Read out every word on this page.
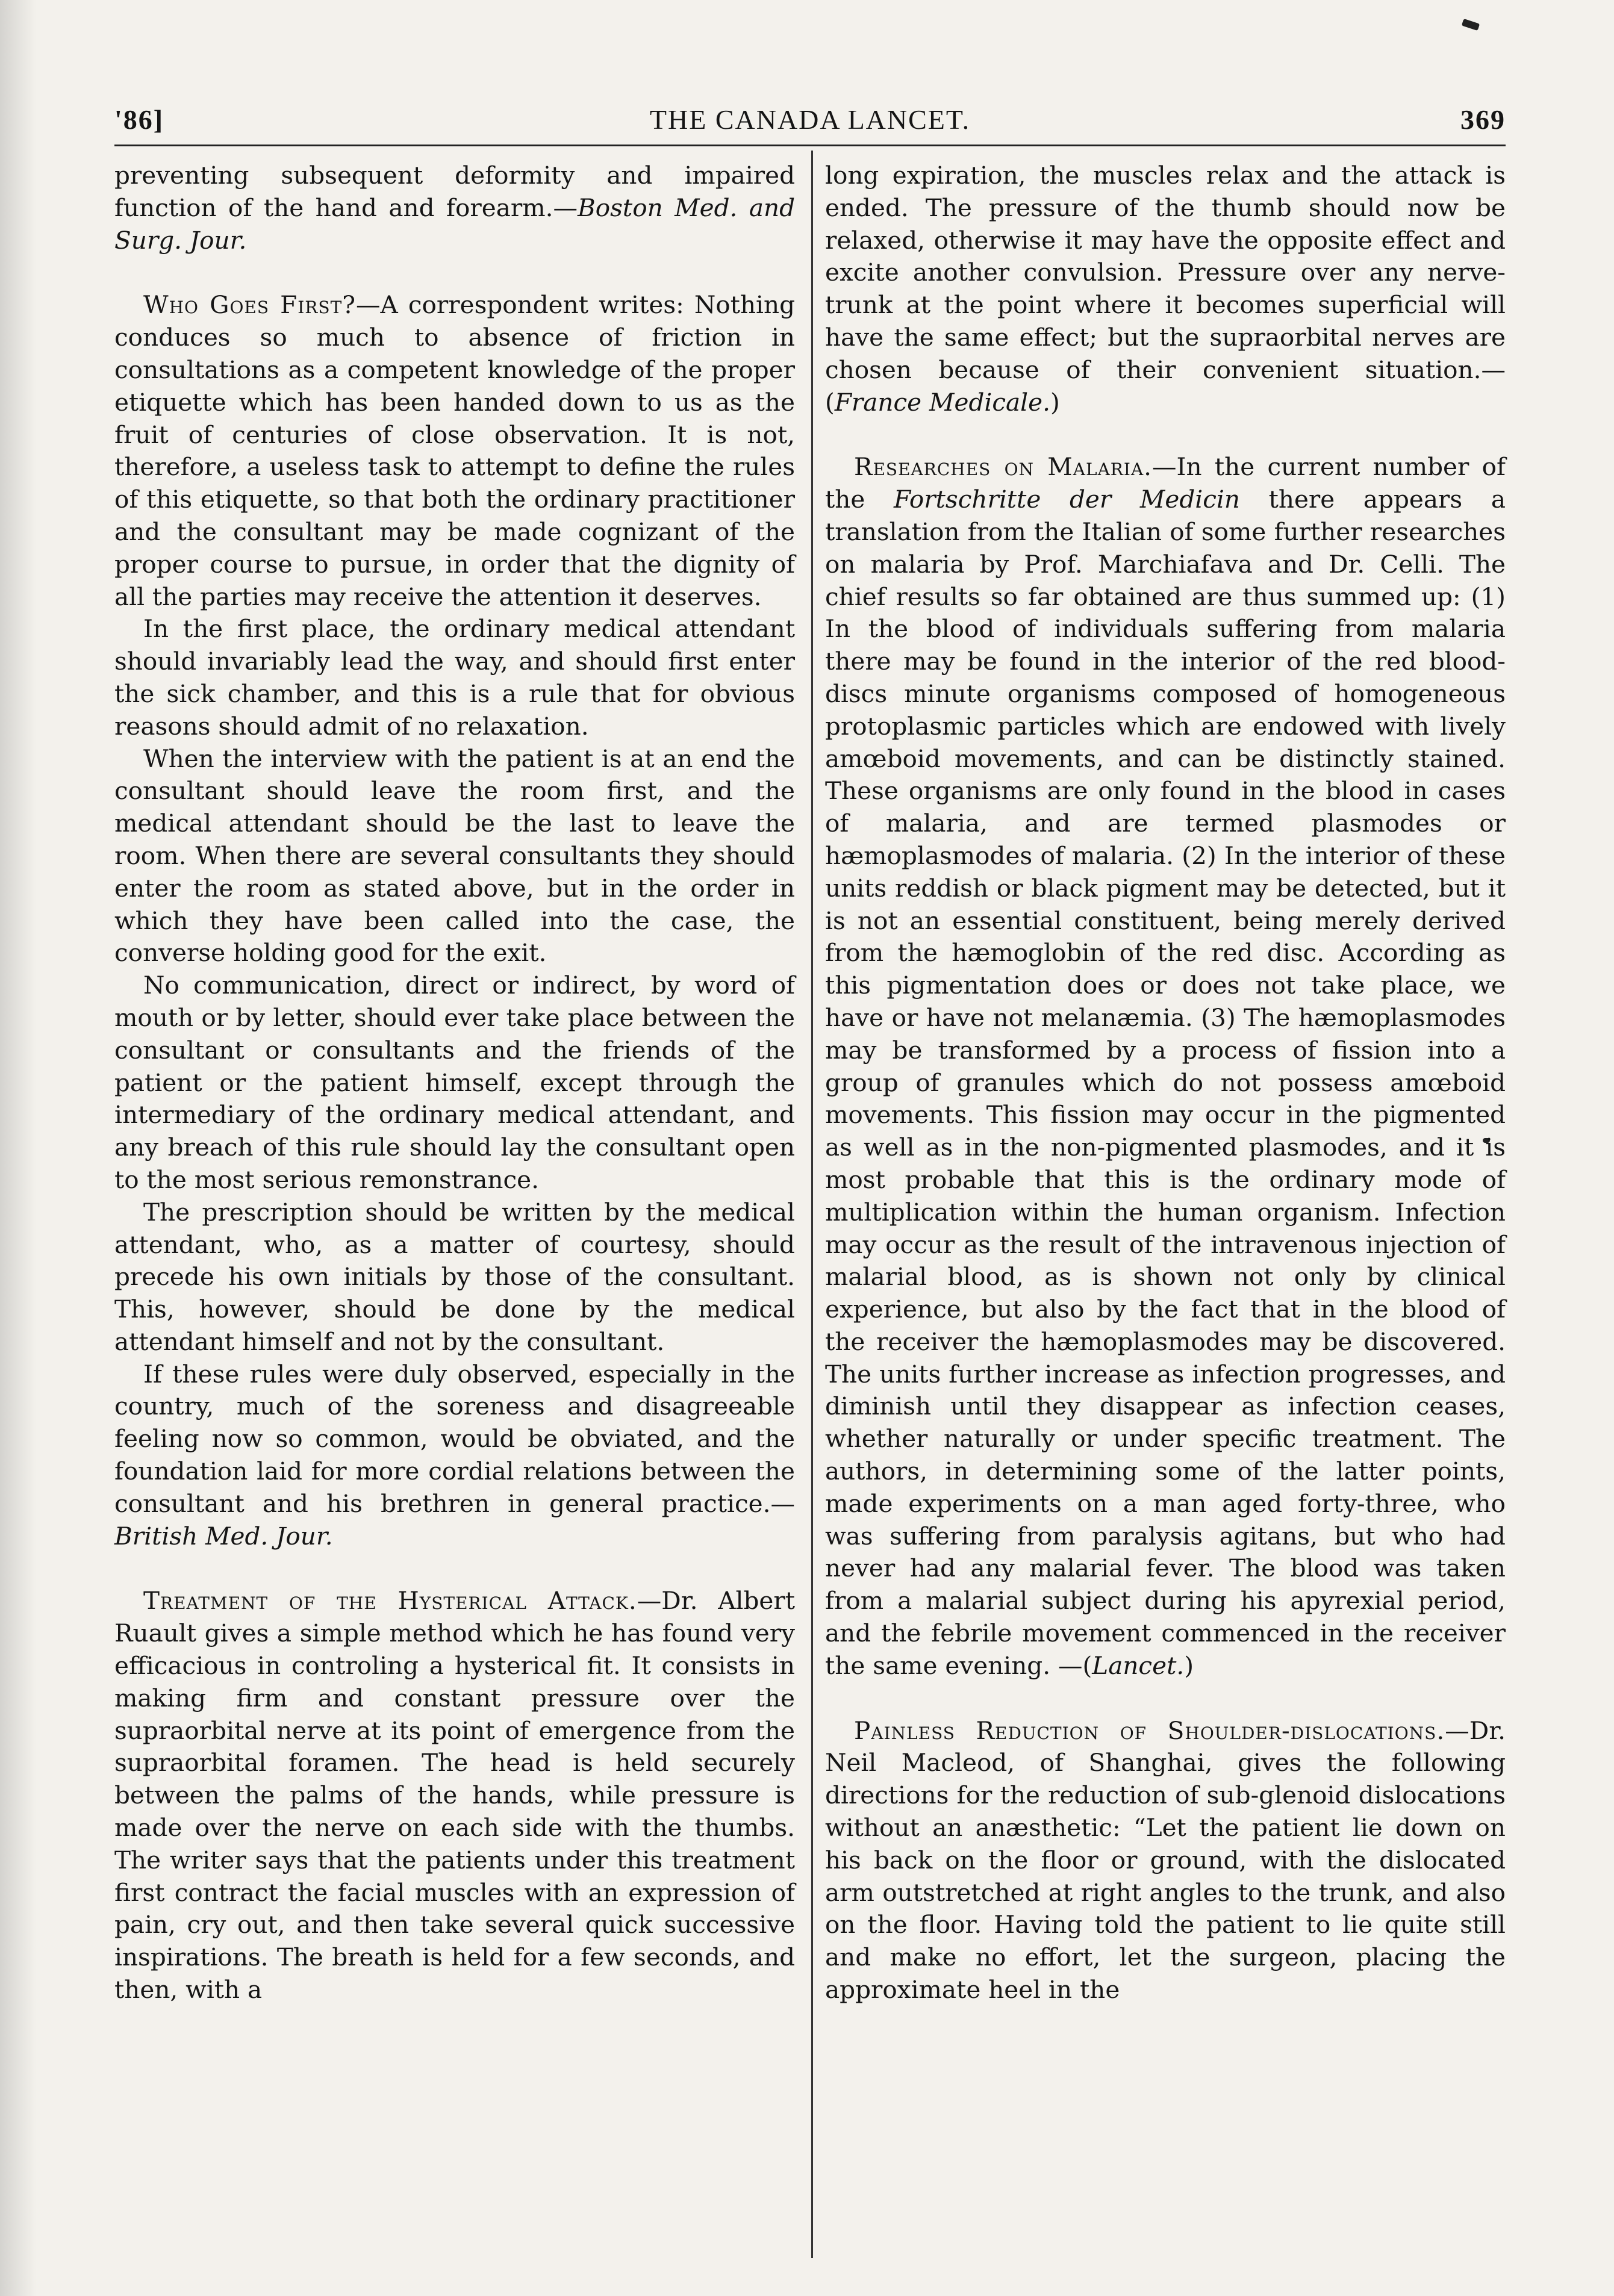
'86]	THE CANADA LANCET.	369

preventing subsequent deformity and impaired function of the hand and forearm.—Boston Med. and Surg. Jour.

Who Goes First?—A correspondent writes: Nothing conduces so much to absence of friction in consultations as a competent knowledge of the proper etiquette which has been handed down to us as the fruit of centuries of close observation. It is not, therefore, a useless task to attempt to define the rules of this etiquette, so that both the ordinary practitioner and the consultant may be made cognizant of the proper course to pursue, in order that the dignity of all the parties may receive the attention it deserves.

In the first place, the ordinary medical attendant should invariably lead the way, and should first enter the sick chamber, and this is a rule that for obvious reasons should admit of no relaxation.

When the interview with the patient is at an end the consultant should leave the room first, and the medical attendant should be the last to leave the room. When there are several consultants they should enter the room as stated above, but in the order in which they have been called into the case, the converse holding good for the exit.

No communication, direct or indirect, by word of mouth or by letter, should ever take place between the consultant or consultants and the friends of the patient or the patient himself, except through the intermediary of the ordinary medical attendant, and any breach of this rule should lay the consultant open to the most serious remonstrance.

The prescription should be written by the medical attendant, who, as a matter of courtesy, should precede his own initials by those of the consultant. This, however, should be done by the medical attendant himself and not by the consultant.

If these rules were duly observed, especially in the country, much of the soreness and disagreeable feeling now so common, would be obviated, and the foundation laid for more cordial relations between the consultant and his brethren in general practice.—British Med. Jour.

Treatment of the Hysterical Attack.—Dr. Albert Ruault gives a simple method which he has found very efficacious in controling a hysterical fit. It consists in making firm and constant pressure over the supraorbital nerve at its point of emergence from the supraorbital foramen. The head is held securely between the palms of the hands, while pressure is made over the nerve on each side with the thumbs. The writer says that the patients under this treatment first contract the facial muscles with an expression of pain, cry out, and then take several quick successive inspirations. The breath is held for a few seconds, and then, with a

long expiration, the muscles relax and the attack is ended. The pressure of the thumb should now be relaxed, otherwise it may have the opposite effect and excite another convulsion. Pressure over any nerve-trunk at the point where it becomes superficial will have the same effect; but the supraorbital nerves are chosen because of their convenient situation.—(France Medicale.)

Researches on Malaria.—In the current number of the Fortschritte der Medicin there appears a translation from the Italian of some further researches on malaria by Prof. Marchiafava and Dr. Celli. The chief results so far obtained are thus summed up: (1) In the blood of individuals suffering from malaria there may be found in the interior of the red blood-discs minute organisms composed of homogeneous protoplasmic particles which are endowed with lively amœboid movements, and can be distinctly stained. These organisms are only found in the blood in cases of malaria, and are termed plasmodes or hæmoplasmodes of malaria. (2) In the interior of these units reddish or black pigment may be detected, but it is not an essential constituent, being merely derived from the hæmoglobin of the red disc. According as this pigmentation does or does not take place, we have or have not melanæmia. (3) The hæmoplasmodes may be transformed by a process of fission into a group of granules which do not possess amœboid movements. This fission may occur in the pigmented as well as in the non-pigmented plasmodes, and it is most probable that this is the ordinary mode of multiplication within the human organism. Infection may occur as the result of the intravenous injection of malarial blood, as is shown not only by clinical experience, but also by the fact that in the blood of the receiver the hæmoplasmodes may be discovered. The units further increase as infection progresses, and diminish until they disappear as infection ceases, whether naturally or under specific treatment. The authors, in determining some of the latter points, made experiments on a man aged forty-three, who was suffering from paralysis agitans, but who had never had any malarial fever. The blood was taken from a malarial subject during his apyrexial period, and the febrile movement commenced in the receiver the same evening. —(Lancet.)

Painless Reduction of Shoulder-dislocations.—Dr. Neil Macleod, of Shanghai, gives the following directions for the reduction of sub-glenoid dislocations without an anæsthetic: “Let the patient lie down on his back on the floor or ground, with the dislocated arm outstretched at right angles to the trunk, and also on the floor. Having told the patient to lie quite still and make no effort, let the surgeon, placing the approximate heel in the
